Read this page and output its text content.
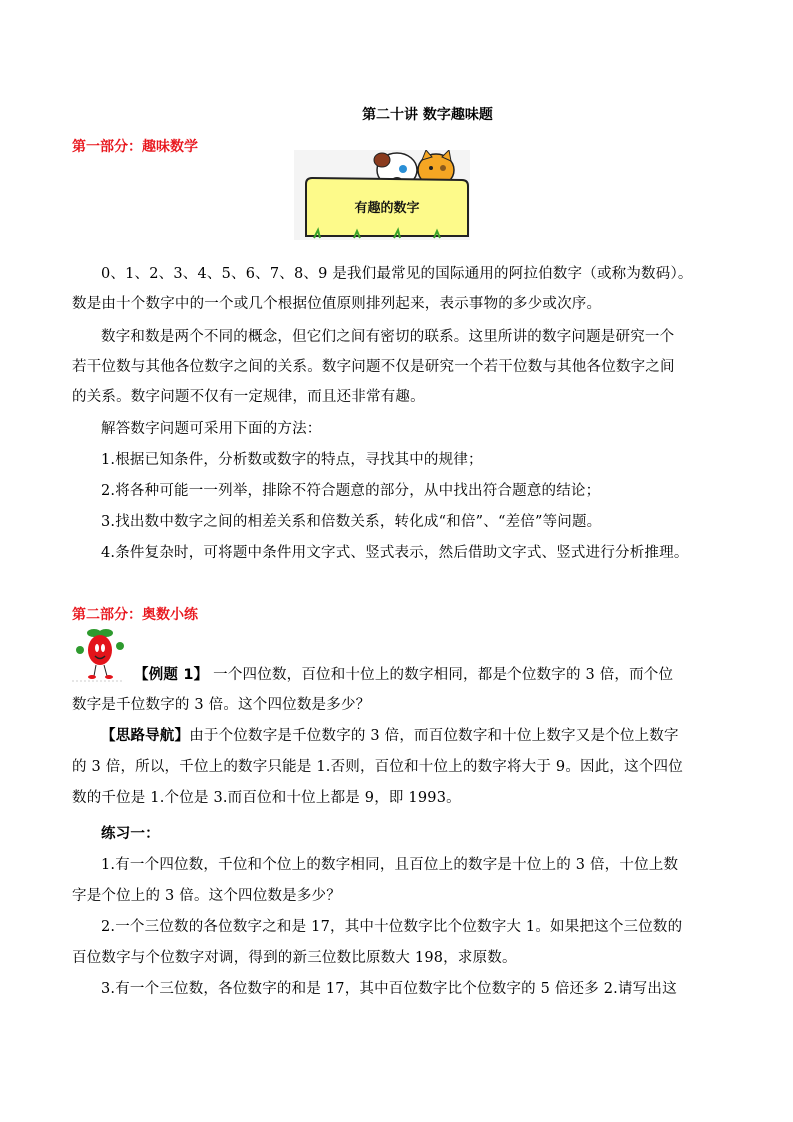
第二十讲 数字趣味题
第一部分：趣味数学
有趣的数字
0、1、2、3、4、5、6、7、8、9 是我们最常见的国际通用的阿拉伯数字（或称为数码）。
数是由十个数字中的一个或几个根据位值原则排列起来，表示事物的多少或次序。
数字和数是两个不同的概念，但它们之间有密切的联系。这里所讲的数字问题是研究一个
若干位数与其他各位数字之间的关系。数字问题不仅是研究一个若干位数与其他各位数字之间
的关系。数字问题不仅有一定规律，而且还非常有趣。
解答数字问题可采用下面的方法：
1.根据已知条件，分析数或数字的特点，寻找其中的规律；
2.将各种可能一一列举，排除不符合题意的部分，从中找出符合题意的结论；
3.找出数中数字之间的相差关系和倍数关系，转化成“和倍”、“差倍”等问题。
4.条件复杂时，可将题中条件用文字式、竖式表示，然后借助文字式、竖式进行分析推理。
第二部分：奥数小练
【例题 1】 一个四位数，百位和十位上的数字相同，都是个位数字的 3 倍，而个位
数字是千位数字的 3 倍。这个四位数是多少？
【思路导航】由于个位数字是千位数字的 3 倍，而百位数字和十位上数字又是个位上数字
的 3 倍，所以，千位上的数字只能是 1.否则，百位和十位上的数字将大于 9。因此，这个四位
数的千位是 1.个位是 3.而百位和十位上都是 9，即 1993。
练习一：
1.有一个四位数，千位和个位上的数字相同，且百位上的数字是十位上的 3 倍，十位上数
字是个位上的 3 倍。这个四位数是多少？
2.一个三位数的各位数字之和是 17，其中十位数字比个位数字大 1。如果把这个三位数的
百位数字与个位数字对调，得到的新三位数比原数大 198，求原数。
3.有一个三位数，各位数字的和是 17，其中百位数字比个位数字的 5 倍还多 2.请写出这
